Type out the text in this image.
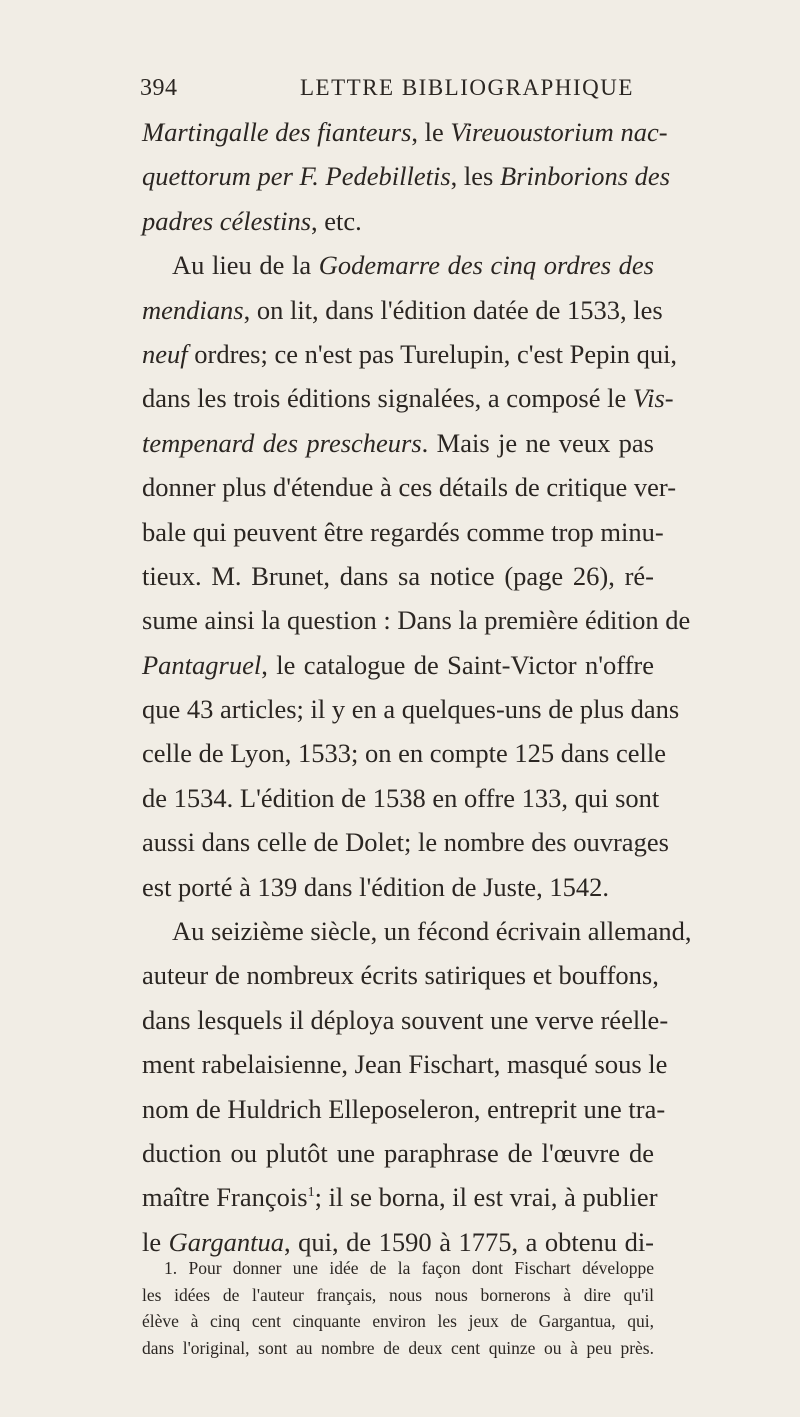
394	LETTRE BIBLIOGRAPHIQUE
Martingalle des fianteurs, le Vireuoustorium nac-
quettorum per F. Pedebilletis, les Brinborions des
padres célestins, etc.
Au lieu de la Godemarre des cinq ordres des
mendians, on lit, dans l'édition datée de 1533, les
neuf ordres; ce n'est pas Turelupin, c'est Pepin qui,
dans les trois éditions signalées, a composé le Vis-
tempenard des prescheurs. Mais je ne veux pas
donner plus d'étendue à ces détails de critique ver-
bale qui peuvent être regardés comme trop minu-
tieux. M. Brunet, dans sa notice (page 26), ré-
sume ainsi la question : Dans la première édition de
Pantagruel, le catalogue de Saint-Victor n'offre
que 43 articles; il y en a quelques-uns de plus dans
celle de Lyon, 1533; on en compte 125 dans celle
de 1534. L'édition de 1538 en offre 133, qui sont
aussi dans celle de Dolet; le nombre des ouvrages
est porté à 139 dans l'édition de Juste, 1542.
Au seizième siècle, un fécond écrivain allemand,
auteur de nombreux écrits satiriques et bouffons,
dans lesquels il déploya souvent une verve réelle-
ment rabelaisienne, Jean Fischart, masqué sous le
nom de Huldrich Elleposeleron, entreprit une tra-
duction ou plutôt une paraphrase de l'œuvre de
maître François$^1$; il se borna, il est vrai, à publier
le Gargantua, qui, de 1590 à 1775, a obtenu di-
1. Pour donner une idée de la façon dont Fischart développe
les idées de l'auteur français, nous nous bornerons à dire qu'il
élève à cinq cent cinquante environ les jeux de Gargantua, qui,
dans l'original, sont au nombre de deux cent quinze ou à peu près.
